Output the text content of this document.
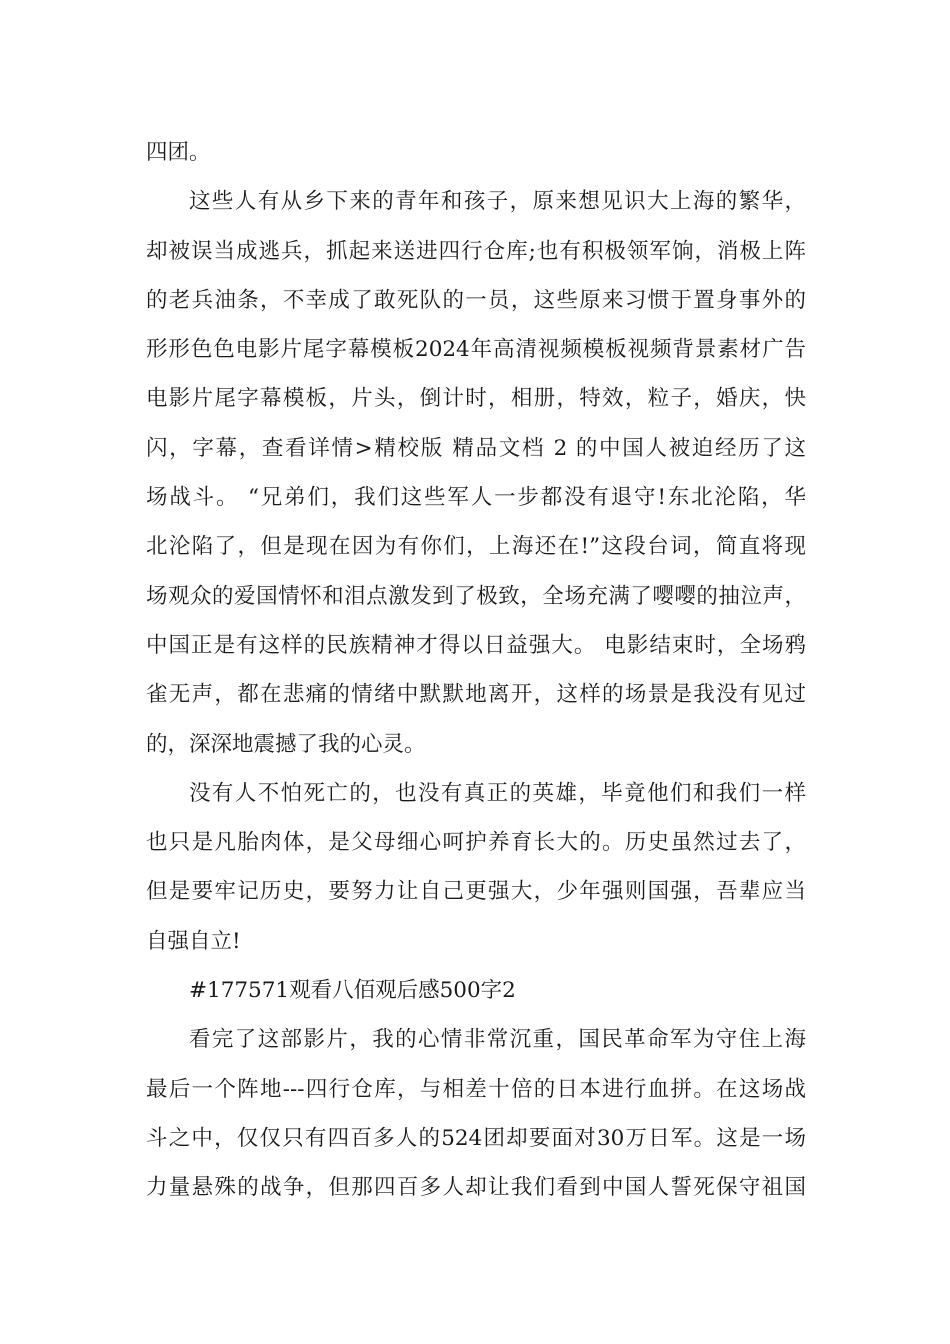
四团。
这些人有从乡下来的青年和孩子，原来想见识大上海的繁华，
却被误当成逃兵，抓起来送进四行仓库;也有积极领军饷，消极上阵
的老兵油条，不幸成了敢死队的一员，这些原来习惯于置身事外的
形形色色电影片尾字幕模板2024年高清视频模板视频背景素材广告
电影片尾字幕模板，片头，倒计时，相册，特效，粒子，婚庆，快
闪，字幕，查看详情>精校版 精品文档 2 的中国人被迫经历了这
场战斗。 “兄弟们，我们这些军人一步都没有退守!东北沦陷，华
北沦陷了，但是现在因为有你们，上海还在!”这段台词，简直将现
场观众的爱国情怀和泪点激发到了极致，全场充满了嘤嘤的抽泣声，
中国正是有这样的民族精神才得以日益强大。 电影结束时，全场鸦
雀无声，都在悲痛的情绪中默默地离开，这样的场景是我没有见过
的，深深地震撼了我的心灵。
没有人不怕死亡的，也没有真正的英雄，毕竟他们和我们一样
也只是凡胎肉体，是父母细心呵护养育长大的。历史虽然过去了，
但是要牢记历史，要努力让自己更强大，少年强则国强，吾辈应当
自强自立!
#177571观看八佰观后感500字2
看完了这部影片，我的心情非常沉重，国民革命军为守住上海
最后一个阵地---四行仓库，与相差十倍的日本进行血拼。在这场战
斗之中，仅仅只有四百多人的524团却要面对30万日军。这是一场
力量悬殊的战争，但那四百多人却让我们看到中国人誓死保守祖国
